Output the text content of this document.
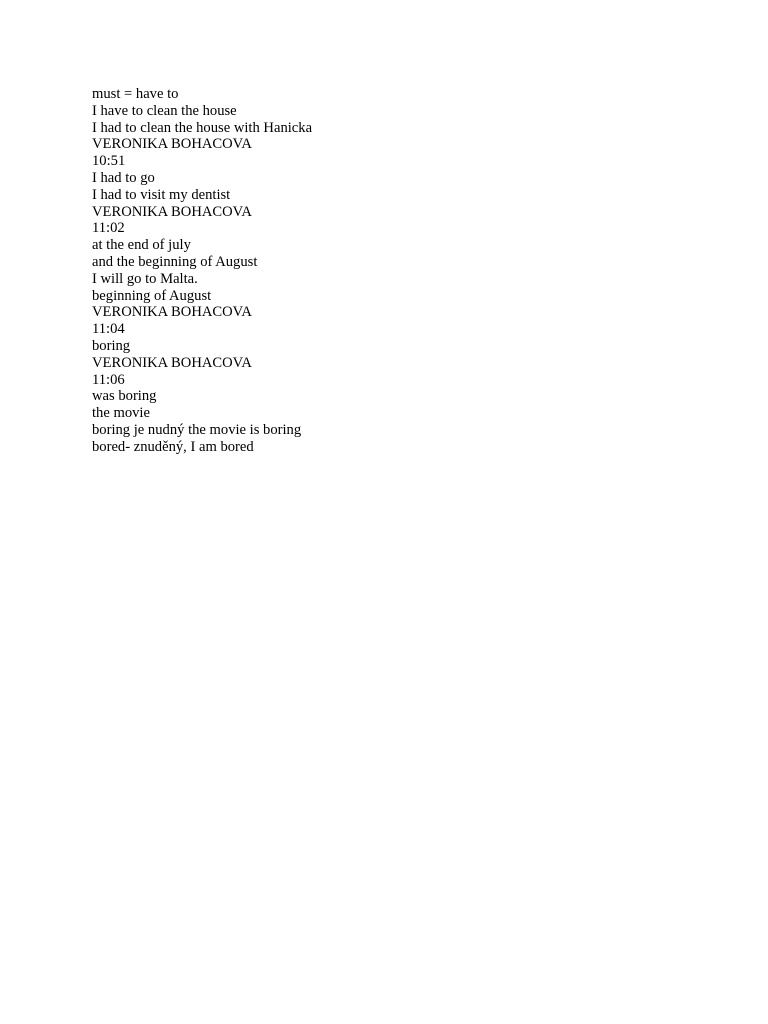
must = have to
I have to clean the house
I had to clean the house with Hanicka
VERONIKA BOHACOVA
10:51
I had to go
I had to visit my dentist
VERONIKA BOHACOVA
11:02
at the end of july
and the beginning of August
I will go to Malta.
beginning of August
VERONIKA BOHACOVA
11:04
boring
VERONIKA BOHACOVA
11:06
was boring
the movie
boring je nudný the movie is boring
bored- znuděný, I am bored
